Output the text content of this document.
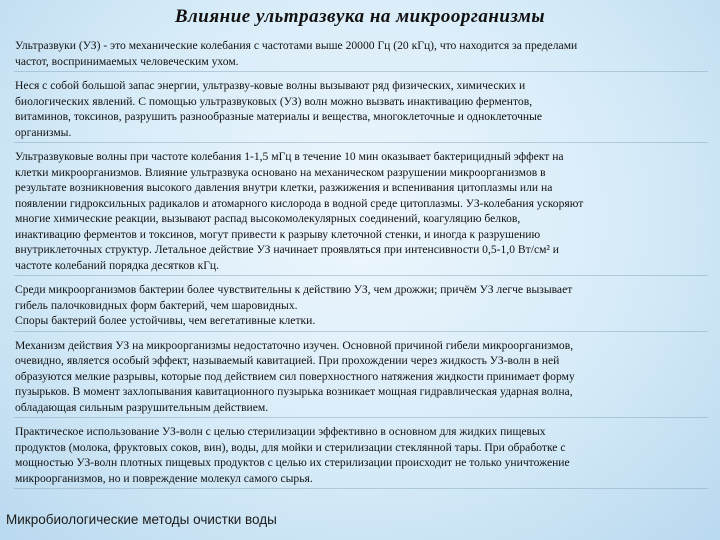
Влияние ультразвука на микроорганизмы
Ультразвуки (УЗ) - это механические колебания с частотами выше 20000 Гц (20 кГц), что находится за пределами
частот, воспринимаемых человеческим ухом.
Неся с собой большой запас энергии, ультразву-ковые волны вызывают ряд физических, химических и
биологических явлений. С помощью ультразвуковых (УЗ) волн можно вызвать инактивацию ферментов,
витаминов, токсинов, разрушить разнообразные материалы и вещества, многоклеточные и одноклеточные
организмы.
Ультразвуковые волны при частоте колебания 1-1,5 мГц в течение 10 мин оказывает бактерицидный эффект на
клетки микроорганизмов. Влияние ультразвука основано на механическом разрушении микроорганизмов в
результате возникновения высокого давления внутри клетки, разжижения и вспенивания цитоплазмы или на
появлении гидроксильных радикалов и атомарного кислорода в водной среде цитоплазмы. УЗ-колебания ускоряют
многие химические реакции, вызывают распад высокомолекулярных соединений, коагуляцию белков,
инактивацию ферментов и токсинов, могут привести к разрыву клеточной стенки, и иногда к разрушению
внутриклеточных структур. Летальное действие УЗ начинает проявляться при интенсивности 0,5-1,0 Вт/см² и
частоте колебаний порядка десятков кГц.
Среди микроорганизмов бактерии более чувствительны к действию УЗ, чем дрожжи; причём УЗ легче вызывает
гибель палочковидных форм бактерий, чем шаровидных.
Споры бактерий более устойчивы, чем вегетативные клетки.
Механизм действия УЗ на микроорганизмы недостаточно изучен. Основной причиной гибели микроорганизмов,
очевидно, является особый эффект, называемый кавитацией. При прохождении через жидкость УЗ-волн в ней
образуются мелкие разрывы, которые под действием сил поверхностного натяжения жидкости принимает форму
пузырьков. В момент захлопывания кавитационного пузырька возникает мощная гидравлическая ударная волна,
обладающая сильным разрушительным действием.
Практическое использование УЗ-волн с целью стерилизации эффективно в основном для жидких пищевых
продуктов (молока, фруктовых соков, вин), воды, для мойки и стерилизации стеклянной тары. При обработке с
мощностью УЗ-волн плотных пищевых продуктов с целью их стерилизации происходит не только уничтожение
микроорганизмов, но и повреждение молекул самого сырья.
Микробиологические методы очистки воды
